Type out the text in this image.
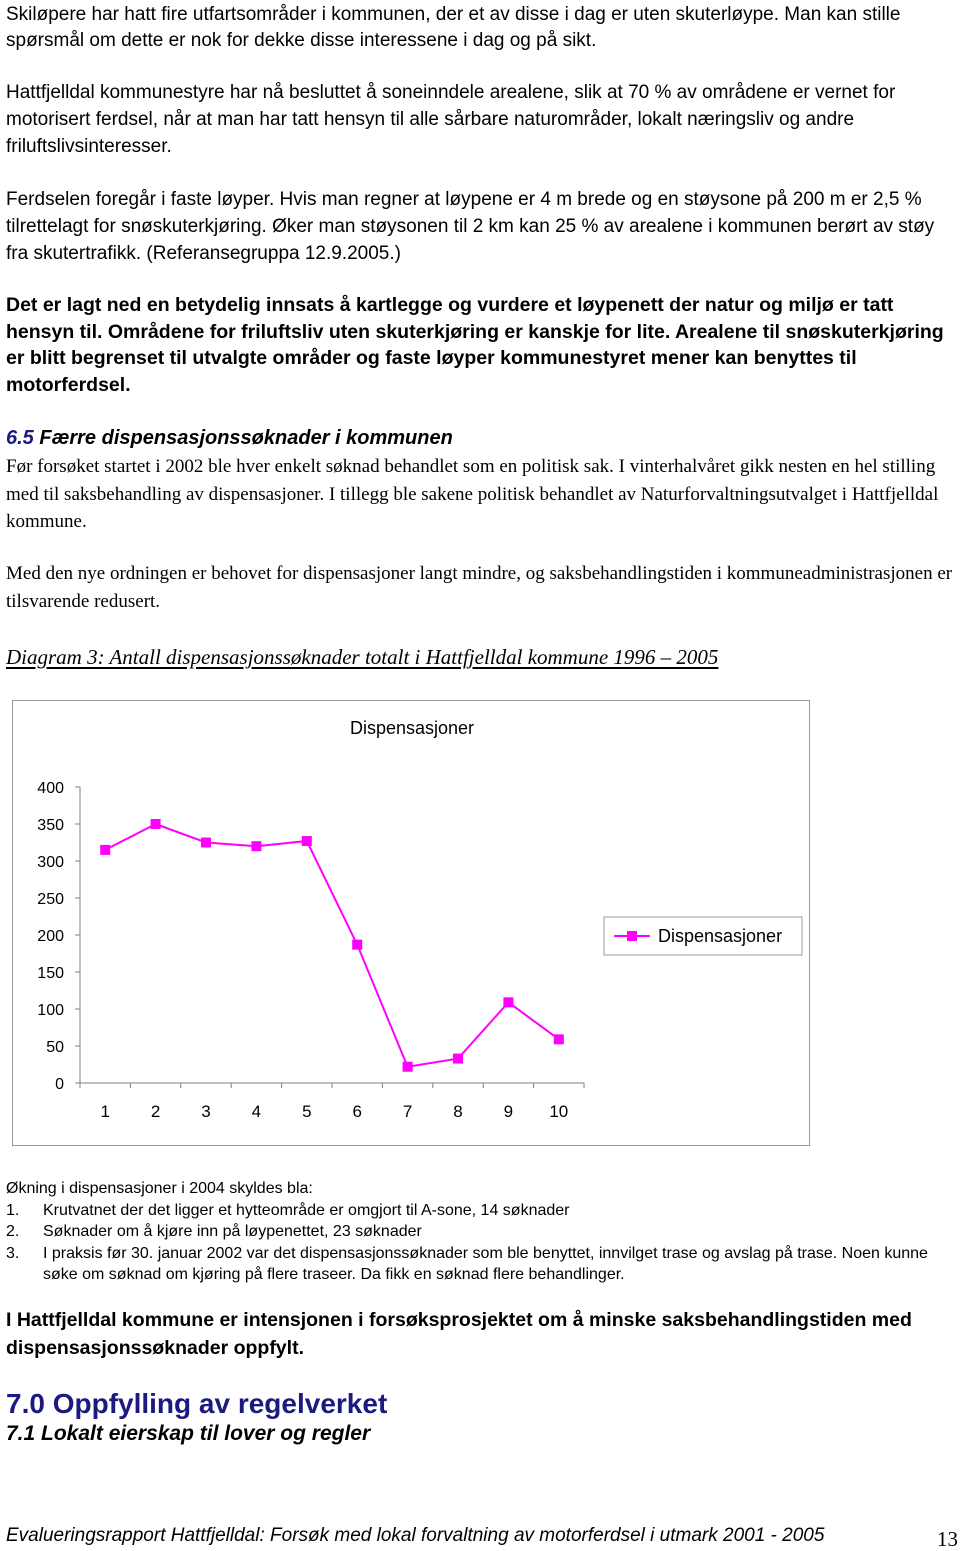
Skiløpere har hatt fire utfartsområder i kommunen, der et av disse i dag er uten skuterløype. Man kan stille spørsmål om dette er nok for dekke disse interessene i dag og på sikt.

Hattfjelldal kommunestyre har nå besluttet å soneinndele arealene, slik at 70 % av områdene er vernet for motorisert ferdsel, når at man har tatt hensyn til alle sårbare naturområder, lokalt næringsliv og andre friluftslivsinteresser.

Ferdselen foregår i faste løyper. Hvis man regner at løypene er 4 m brede og en støysone på 200 m er 2,5 % tilrettelagt for snøskuterkjøring. Øker man støysonen til 2 km kan 25 % av arealene i kommunen berørt av støy fra skutertrafikk. (Referansegruppa 12.9.2005.)

Det er lagt ned en betydelig innsats å kartlegge og vurdere et løypenett der natur og miljø er tatt hensyn til. Områdene for friluftsliv uten skuterkjøring er kanskje for lite. Arealene til snøskuterkjøring er blitt begrenset til utvalgte områder og faste løyper kommunestyret mener kan benyttes til motorferdsel.

6.5 Færre dispensasjonssøknader i kommunen

Før forsøket startet i 2002 ble hver enkelt søknad behandlet som en politisk sak. I vinterhalvåret gikk nesten en hel stilling med til saksbehandling av dispensasjoner. I tillegg ble sakene politisk behandlet av Naturforvaltningsutvalget i Hattfjelldal kommune.

Med den nye ordningen er behovet for dispensasjoner langt mindre, og saksbehandlingstiden i kommuneadministrasjonen er tilsvarende redusert.

Diagram 3: Antall dispensasjonssøknader totalt i Hattfjelldal kommune 1996 – 2005

Dispensasjoner
0
50
100
150
200
250
300
350
400
1 2 3 4 5 6 7 8 9 10
Dispensasjoner
Økning i dispensasjoner i 2004 skyldes bla:
1.	Krutvatnet der det ligger et hytteområde er omgjort til A-sone, 14 søknader
2.	Søknader om å kjøre inn på løypenettet, 23 søknader
3.	I praksis før 30. januar 2002 var det dispensasjonssøknader som ble benyttet, innvilget trase og avslag på trase. Noen kunne søke om søknad om kjøring på flere traseer. Da fikk en søknad flere behandlinger.

I Hattfjelldal kommune er intensjonen i forsøksprosjektet om å minske saksbehandlingstiden med dispensasjonssøknader oppfylt.

7.0 Oppfylling av regelverket
7.1 Lokalt eierskap til lover og regler
Evalueringsrapport Hattfjelldal: Forsøk med lokal forvaltning av motorferdsel i utmark 2001 - 2005	13
